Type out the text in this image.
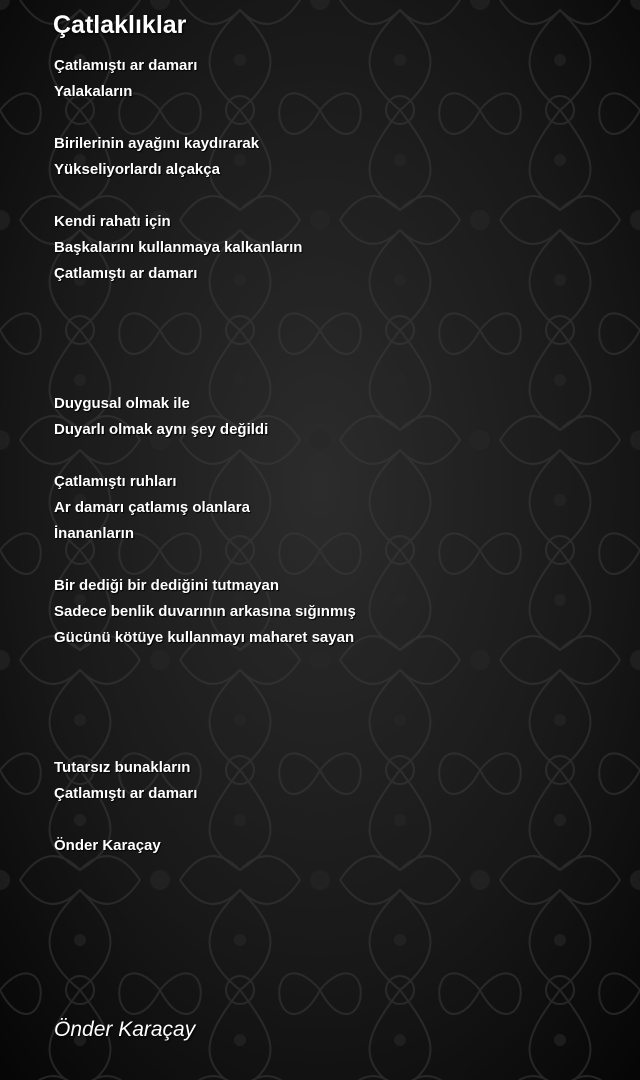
Çatlaklıklar
Çatlamıştı ar damarı
Yalakaların
Birilerinin ayağını kaydırarak
Yükseliyorlardı alçakça
Kendi rahatı için
Başkalarını kullanmaya kalkanların
Çatlamıştı ar damarı
Duygusal olmak ile
Duyarlı olmak aynı şey değildi
Çatlamıştı ruhları
Ar damarı çatlamış olanlara
İnananların
Bir dediği bir dediğini tutmayan
Sadece benlik duvarının arkasına sığınmış
Gücünü kötüye kullanmayı maharet sayan
Tutarsız bunakların
Çatlamıştı ar damarı
Önder Karaçay
Önder Karaçay
